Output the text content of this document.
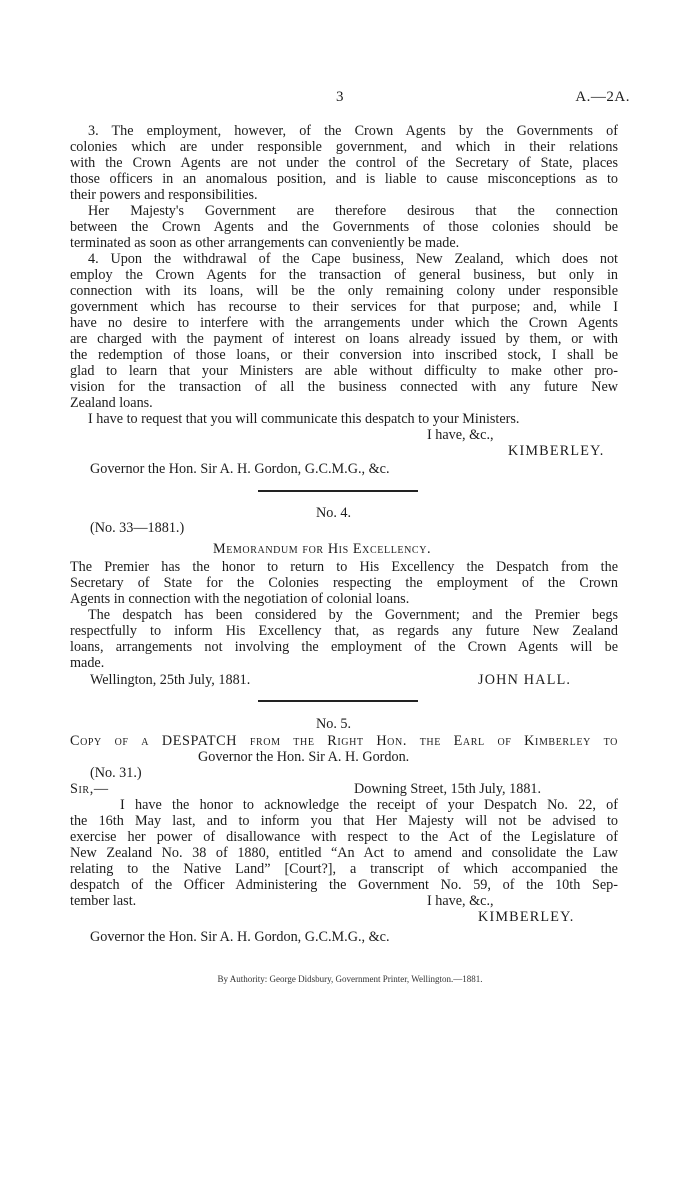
3	A.—2A.

3. The employment, however, of the Crown Agents by the Governments of

colonies which are under responsible government, and which in their relations

with the Crown Agents are not under the control of the Secretary of State, places

those officers in an anomalous position, and is liable to cause misconceptions as to

their powers and responsibilities.

Her Majesty's Government are therefore desirous that the connection

between the Crown Agents and the Governments of those colonies should be

terminated as soon as other arrangements can conveniently be made.

4. Upon the withdrawal of the Cape business, New Zealand, which does not

employ the Crown Agents for the transaction of general business, but only in

connection with its loans, will be the only remaining colony under responsible

government which has recourse to their services for that purpose; and, while I

have no desire to interfere with the arrangements under which the Crown Agents

are charged with the payment of interest on loans already issued by them, or with

the redemption of those loans, or their conversion into inscribed stock, I shall be

glad to learn that your Ministers are able without difficulty to make other pro-

vision for the transaction of all the business connected with any future New

Zealand loans.

I have to request that you will communicate this despatch to your Ministers.

I have, &c.,
KIMBERLEY.
Governor the Hon. Sir A. H. Gordon, G.C.M.G., &c.
No. 4.
(No. 33—1881.)
Memorandum for His Excellency.

The Premier has the honor to return to His Excellency the Despatch from the

Secretary of State for the Colonies respecting the employment of the Crown

Agents in connection with the negotiation of colonial loans.

The despatch has been considered by the Government; and the Premier begs

respectfully to inform His Excellency that, as regards any future New Zealand

loans, arrangements not involving the employment of the Crown Agents will be

made.

Wellington, 25th July, 1881.	JOHN HALL.
No. 5.

Copy of a DESPATCH from the Right Hon. the Earl of Kimberley to

Governor the Hon. Sir A. H. Gordon.
(No. 31.)
Sir,—	Downing Street, 15th July, 1881.

I have the honor to acknowledge the receipt of your Despatch No. 22, of

the 16th May last, and to inform you that Her Majesty will not be advised to

exercise her power of disallowance with respect to the Act of the Legislature of

New Zealand No. 38 of 1880, entitled “An Act to amend and consolidate the Law

relating to the Native Land” [Court?], a transcript of which accompanied the

despatch of the Officer Administering the Government No. 59, of the 10th Sep-

tember last.	I have, &c.,
KIMBERLEY.
Governor the Hon. Sir A. H. Gordon, G.C.M.G., &c.
By Authority: George Didsbury, Government Printer, Wellington.—1881.
